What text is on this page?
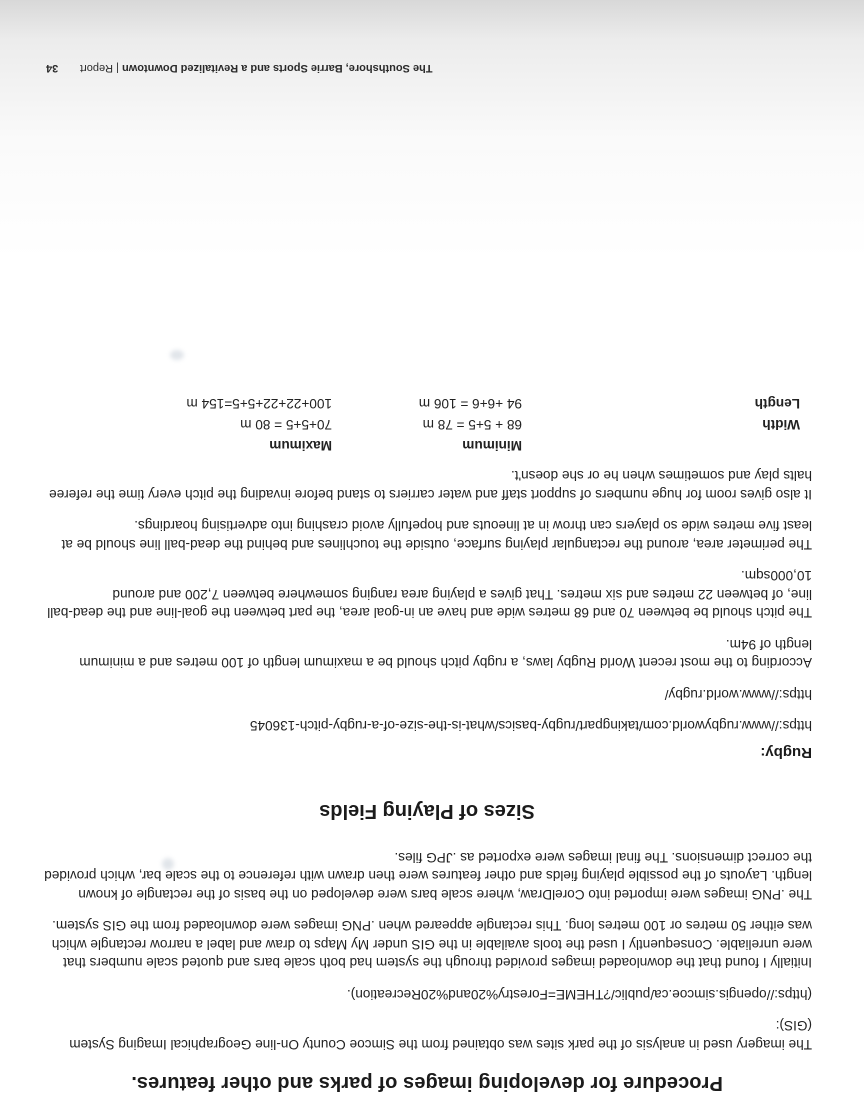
Procedure for developing images of parks and other features.

The imagery used in analysis of the park sites was obtained from the Simcoe County On-line Geographical Imaging System (GIS):

(https://opengis.simcoe.ca/public/?THEME=Forestry%20and%20Recreation).

Initially I found that the downloaded images provided through the system had both scale bars and quoted scale numbers that were unreliable. Consequently I used the tools available in the GIS under My Maps to draw and label a narrow rectangle which was either 50 metres or 100 metres long. This rectangle appeared when .PNG images were downloaded from the GIS system.

The .PNG images were imported into CorelDraw, where scale bars were developed on the basis of the rectangle of known length. Layouts of the possible playing fields and other features were then drawn with reference to the scale bar, which provided the correct dimensions. The final images were exported as .JPG files.

Sizes of Playing Fields
Rugby:

https://www.rugbyworld.com/takingpart/rugby-basics/what-is-the-size-of-a-rugby-pitch-136045

https://www.world.rugby/

According to the most recent World Rugby laws, a rugby pitch should be a maximum length of 100 metres and a minimum length of 94m.

The pitch should be between 70 and 68 metres wide and have an in-goal area, the part between the goal-line and the dead-ball line, of between 22 metres and six metres. That gives a playing area ranging somewhere between 7,200 and around 10,000sqm.

The perimeter area, around the rectangular playing surface, outside the touchlines and behind the dead-ball line should be at least five metres wide so players can throw in at lineouts and hopefully avoid crashing into advertising hoardings.

It also gives room for huge numbers of support staff and water carriers to stand before invading the pitch every time the referee halts play and sometimes when he or she doesn't.

Minimum
Maximum
Width
68 + 5+5 = 78 m
70+5+5 = 80 m
Length
94 +6+6 = 106 m
100+22+22+5+5=154 m
The Southshore, Barrie Sports and a Revitalized Downtown | Report
34
